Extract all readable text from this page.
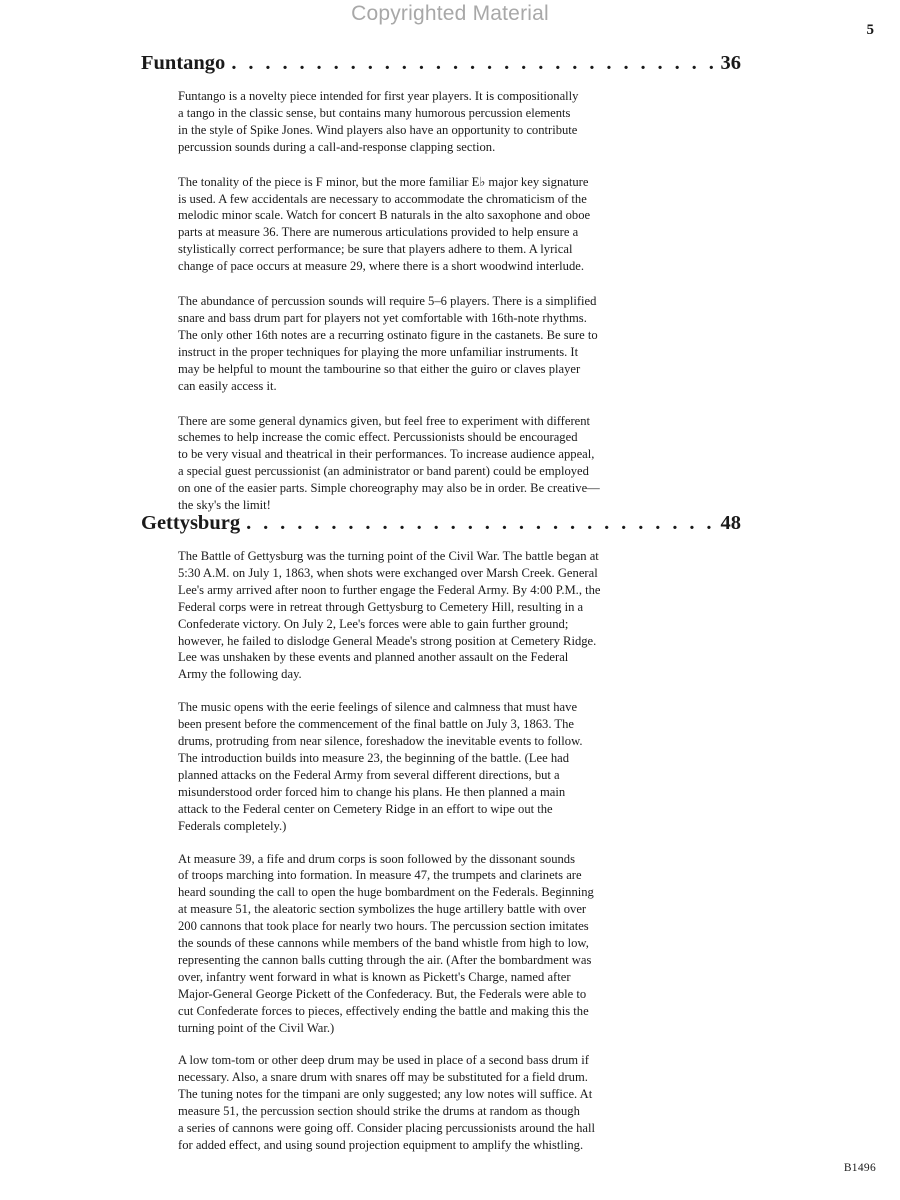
Copyrighted Material
5
Funtango . . .	36

Funtango is a novelty piece intended for first year players. It is compositionally
a tango in the classic sense, but contains many humorous percussion elements
in the style of Spike Jones. Wind players also have an opportunity to contribute
percussion sounds during a call-and-response clapping section.

The tonality of the piece is F minor, but the more familiar E♭ major key signature
is used. A few accidentals are necessary to accommodate the chromaticism of the
melodic minor scale. Watch for concert B naturals in the alto saxophone and oboe
parts at measure 36. There are numerous articulations provided to help ensure a
stylistically correct performance; be sure that players adhere to them. A lyrical
change of pace occurs at measure 29, where there is a short woodwind interlude.

The abundance of percussion sounds will require 5–6 players. There is a simplified
snare and bass drum part for players not yet comfortable with 16th-note rhythms.
The only other 16th notes are a recurring ostinato figure in the castanets. Be sure to
instruct in the proper techniques for playing the more unfamiliar instruments. It
may be helpful to mount the tambourine so that either the guiro or claves player
can easily access it.

There are some general dynamics given, but feel free to experiment with different
schemes to help increase the comic effect. Percussionists should be encouraged
to be very visual and theatrical in their performances. To increase audience appeal,
a special guest percussionist (an administrator or band parent) could be employed
on one of the easier parts. Simple choreography may also be in order. Be creative—
the sky's the limit!

Gettysburg . . .	48

The Battle of Gettysburg was the turning point of the Civil War. The battle began at
5:30 A.M. on July 1, 1863, when shots were exchanged over Marsh Creek. General
Lee's army arrived after noon to further engage the Federal Army. By 4:00 P.M., the
Federal corps were in retreat through Gettysburg to Cemetery Hill, resulting in a
Confederate victory. On July 2, Lee's forces were able to gain further ground;
however, he failed to dislodge General Meade's strong position at Cemetery Ridge.
Lee was unshaken by these events and planned another assault on the Federal
Army the following day.

The music opens with the eerie feelings of silence and calmness that must have
been present before the commencement of the final battle on July 3, 1863. The
drums, protruding from near silence, foreshadow the inevitable events to follow.
The introduction builds into measure 23, the beginning of the battle. (Lee had
planned attacks on the Federal Army from several different directions, but a
misunderstood order forced him to change his plans. He then planned a main
attack to the Federal center on Cemetery Ridge in an effort to wipe out the
Federals completely.)

At measure 39, a fife and drum corps is soon followed by the dissonant sounds
of troops marching into formation. In measure 47, the trumpets and clarinets are
heard sounding the call to open the huge bombardment on the Federals. Beginning
at measure 51, the aleatoric section symbolizes the huge artillery battle with over
200 cannons that took place for nearly two hours. The percussion section imitates
the sounds of these cannons while members of the band whistle from high to low,
representing the cannon balls cutting through the air. (After the bombardment was
over, infantry went forward in what is known as Pickett's Charge, named after
Major-General George Pickett of the Confederacy. But, the Federals were able to
cut Confederate forces to pieces, effectively ending the battle and making this the
turning point of the Civil War.)

A low tom-tom or other deep drum may be used in place of a second bass drum if
necessary. Also, a snare drum with snares off may be substituted for a field drum.
The tuning notes for the timpani are only suggested; any low notes will suffice. At
measure 51, the percussion section should strike the drums at random as though
a series of cannons were going off. Consider placing percussionists around the hall
for added effect, and using sound projection equipment to amplify the whistling.

B1496
